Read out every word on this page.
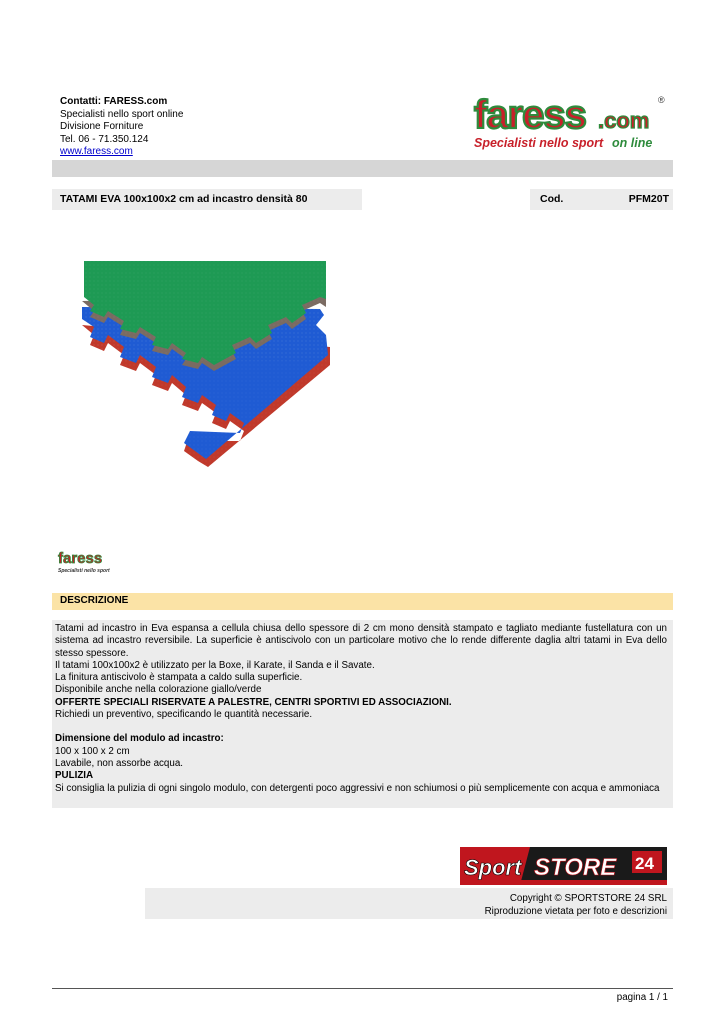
Contatti: FARESS.com
Specialisti nello sport online
Divisione Forniture
Tel. 06 - 71.350.124
www.faress.com
faress .com
®
Specialisti nello sport on line
TATAMI EVA 100x100x2 cm ad incastro densità 80	Cod.	PFM20T
faress
Specialisti nello sport
DESCRIZIONE

Tatami ad incastro in Eva espansa a cellula chiusa dello spessore di 2 cm mono densità stampato e tagliato mediante fustellatura con un sistema ad incastro reversibile. La superficie è antiscivolo con un particolare motivo che lo rende differente daglia altri tatami in Eva dello stesso spessore.

Il tatami 100x100x2 è utilizzato per la Boxe, il Karate, il Sanda e il Savate.

La finitura antiscivolo è stampata a caldo sulla superficie.

Disponibile anche nella colorazione giallo/verde

OFFERTE SPECIALI RISERVATE A PALESTRE, CENTRI SPORTIVI ED ASSOCIAZIONI.

Richiedi un preventivo, specificando le quantità necessarie.

Dimensione del modulo ad incastro:

100 x 100 x 2 cm

Lavabile, non assorbe acqua.

PULIZIA

Si consiglia la pulizia di ogni singolo modulo, con detergenti poco aggressivi e non schiumosi o più semplicemente con acqua e ammoniaca

Sport STORE 24
Copyright © SPORTSTORE 24 SRL
Riproduzione vietata per foto e descrizioni
pagina 1 / 1
